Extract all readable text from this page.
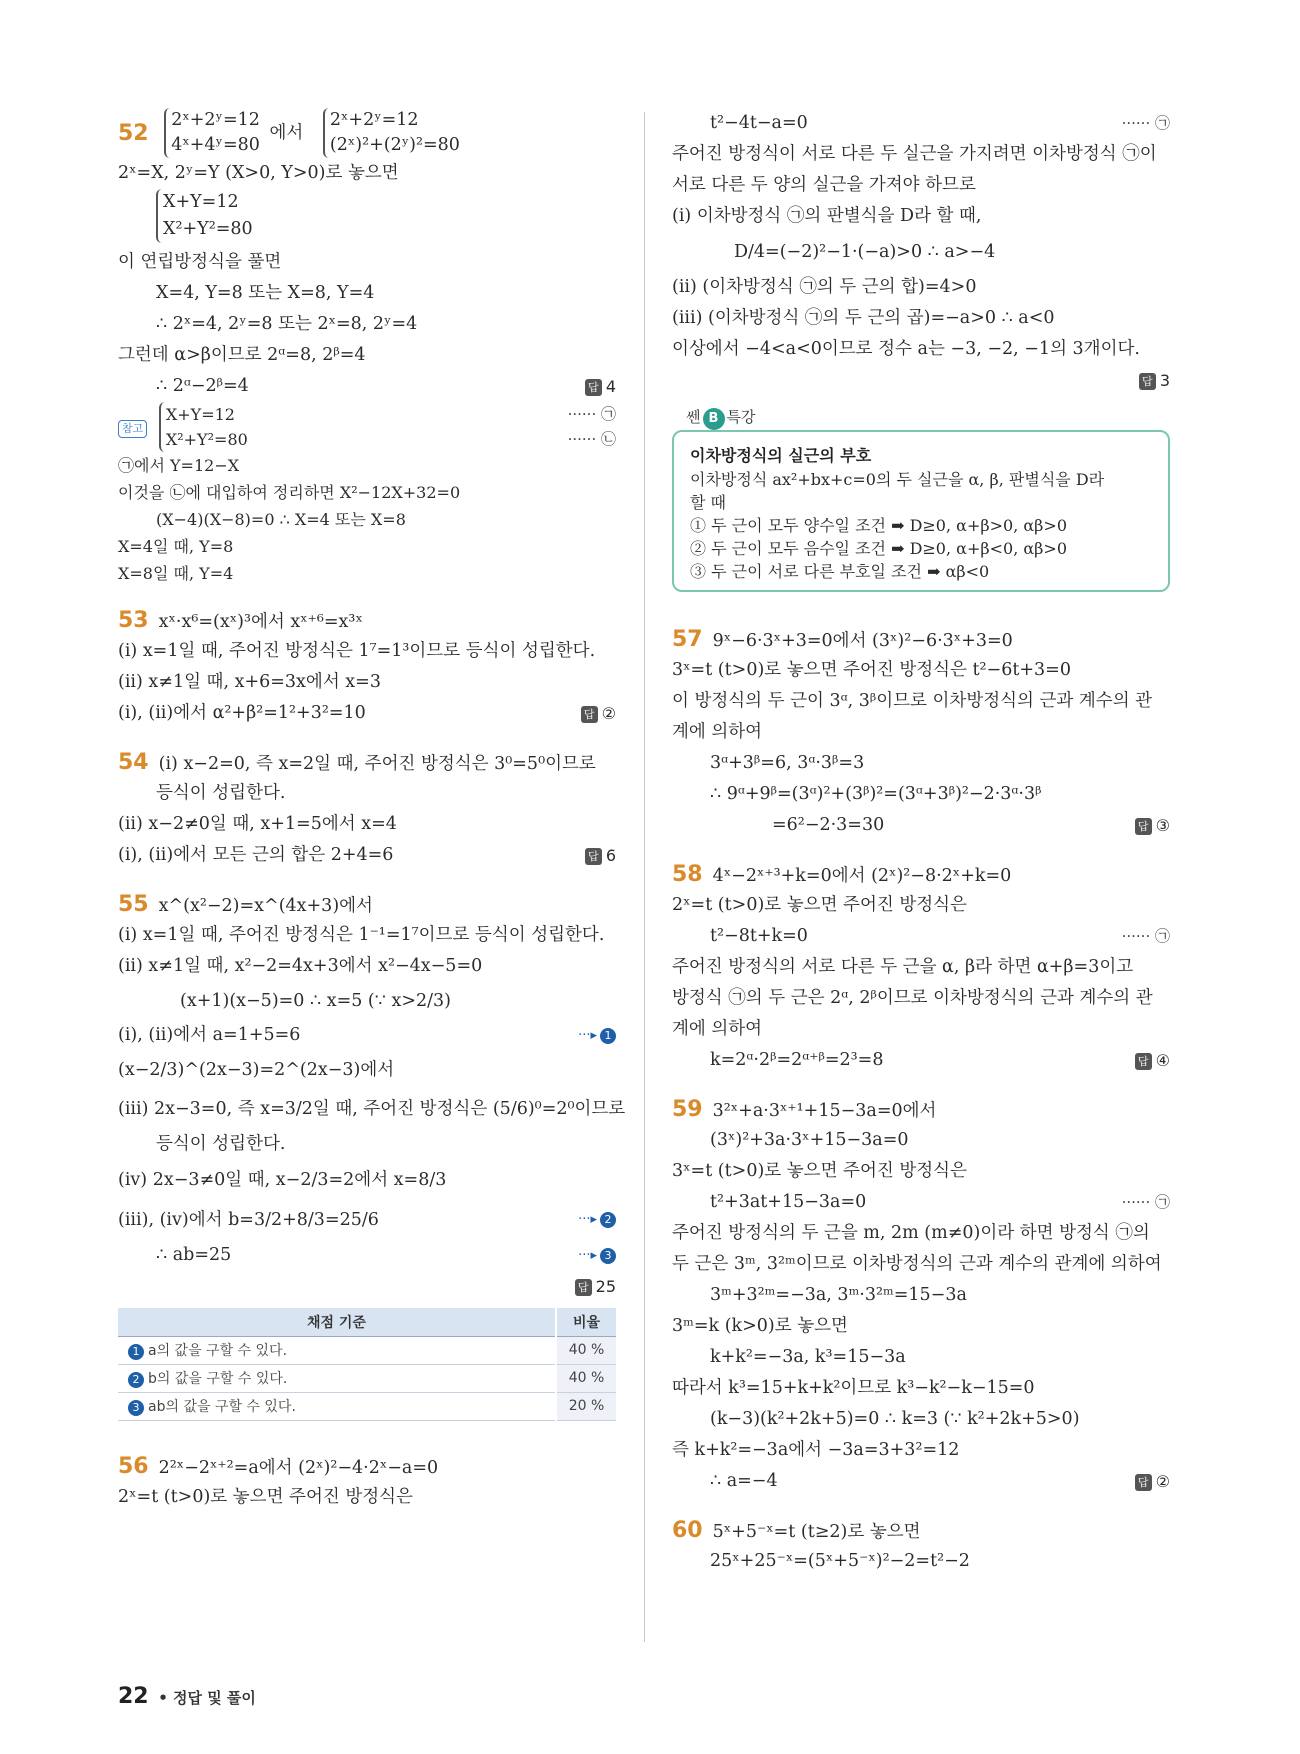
52 2ˣ+2ʸ=12
4ˣ+4ʸ=80 에서 2ˣ+2ʸ=12
(2ˣ)²+(2ʸ)²=80
2ˣ=X, 2ʸ=Y (X>0, Y>0)로 놓으면
X+Y=12
X²+Y²=80
이 연립방정식을 풀면
X=4, Y=8 또는 X=8, Y=4
∴ 2ˣ=4, 2ʸ=8 또는 2ˣ=8, 2ʸ=4
그런데 α>β이므로 2ᵅ=8, 2ᵝ=4
∴ 2ᵅ−2ᵝ=4	답 4
참고 X+Y=12
X²+Y²=80
······ ㉠
······ ㉡
㉠에서 Y=12−X
이것을 ㉡에 대입하여 정리하면 X²−12X+32=0
(X−4)(X−8)=0 ∴ X=4 또는 X=8
X=4일 때, Y=8
X=8일 때, Y=4
53 xˣ·x⁶=(xˣ)³에서 xˣ⁺⁶=x³ˣ
(i) x=1일 때, 주어진 방정식은 1⁷=1³이므로 등식이 성립한다.
(ii) x≠1일 때, x+6=3x에서 x=3
(i), (ii)에서 α²+β²=1²+3²=10	답 ②
54 (i) x−2=0, 즉 x=2일 때, 주어진 방정식은 3⁰=5⁰이므로
등식이 성립한다.
(ii) x−2≠0일 때, x+1=5에서 x=4
(i), (ii)에서 모든 근의 합은 2+4=6	답 6
55 x^(x²−2)=x^(4x+3)에서
(i) x=1일 때, 주어진 방정식은 1⁻¹=1⁷이므로 등식이 성립한다.
(ii) x≠1일 때, x²−2=4x+3에서 x²−4x−5=0
(x+1)(x−5)=0 ∴ x=5 (∵ x>2/3)
(i), (ii)에서 a=1+5=6	···▸ 1
(x−2/3)^(2x−3)=2^(2x−3)에서
(iii) 2x−3=0, 즉 x=3/2일 때, 주어진 방정식은 (5/6)⁰=2⁰이므로
등식이 성립한다.
(iv) 2x−3≠0일 때, x−2/3=2에서 x=8/3
(iii), (iv)에서 b=3/2+8/3=25/6	···▸ 2
∴ ab=25	···▸ 3
답 25
채점 기준	비율
1 a의 값을 구할 수 있다.	40 %
2 b의 값을 구할 수 있다.	40 %
3 ab의 값을 구할 수 있다.	20 %
56 2²ˣ−2ˣ⁺²=a에서 (2ˣ)²−4·2ˣ−a=0
2ˣ=t (t>0)로 놓으면 주어진 방정식은
t²−4t−a=0	······ ㉠
주어진 방정식이 서로 다른 두 실근을 가지려면 이차방정식 ㉠이
서로 다른 두 양의 실근을 가져야 하므로
(i) 이차방정식 ㉠의 판별식을 D라 할 때,
D/4=(−2)²−1·(−a)>0 ∴ a>−4
(ii) (이차방정식 ㉠의 두 근의 합)=4>0
(iii) (이차방정식 ㉠의 두 근의 곱)=−a>0 ∴ a<0
이상에서 −4<a<0이므로 정수 a는 −3, −2, −1의 3개이다.
답 3
쎈 B 특강
이차방정식의 실근의 부호
이차방정식 ax²+bx+c=0의 두 실근을 α, β, 판별식을 D라
할 때
① 두 근이 모두 양수일 조건 ➡ D≥0, α+β>0, αβ>0
② 두 근이 모두 음수일 조건 ➡ D≥0, α+β<0, αβ>0
③ 두 근이 서로 다른 부호일 조건 ➡ αβ<0
57 9ˣ−6·3ˣ+3=0에서 (3ˣ)²−6·3ˣ+3=0
3ˣ=t (t>0)로 놓으면 주어진 방정식은 t²−6t+3=0
이 방정식의 두 근이 3ᵅ, 3ᵝ이므로 이차방정식의 근과 계수의 관
계에 의하여
3ᵅ+3ᵝ=6, 3ᵅ·3ᵝ=3
∴ 9ᵅ+9ᵝ=(3ᵅ)²+(3ᵝ)²=(3ᵅ+3ᵝ)²−2·3ᵅ·3ᵝ
=6²−2·3=30	답 ③
58 4ˣ−2ˣ⁺³+k=0에서 (2ˣ)²−8·2ˣ+k=0
2ˣ=t (t>0)로 놓으면 주어진 방정식은
t²−8t+k=0	······ ㉠
주어진 방정식의 서로 다른 두 근을 α, β라 하면 α+β=3이고
방정식 ㉠의 두 근은 2ᵅ, 2ᵝ이므로 이차방정식의 근과 계수의 관
계에 의하여
k=2ᵅ·2ᵝ=2ᵅ⁺ᵝ=2³=8	답 ④
59 3²ˣ+a·3ˣ⁺¹+15−3a=0에서
(3ˣ)²+3a·3ˣ+15−3a=0
3ˣ=t (t>0)로 놓으면 주어진 방정식은
t²+3at+15−3a=0	······ ㉠
주어진 방정식의 두 근을 m, 2m (m≠0)이라 하면 방정식 ㉠의
두 근은 3ᵐ, 3²ᵐ이므로 이차방정식의 근과 계수의 관계에 의하여
3ᵐ+3²ᵐ=−3a, 3ᵐ·3²ᵐ=15−3a
3ᵐ=k (k>0)로 놓으면
k+k²=−3a, k³=15−3a
따라서 k³=15+k+k²이므로 k³−k²−k−15=0
(k−3)(k²+2k+5)=0 ∴ k=3 (∵ k²+2k+5>0)
즉 k+k²=−3a에서 −3a=3+3²=12
∴ a=−4	답 ②
60 5ˣ+5⁻ˣ=t (t≥2)로 놓으면
25ˣ+25⁻ˣ=(5ˣ+5⁻ˣ)²−2=t²−2
22 • 정답 및 풀이
